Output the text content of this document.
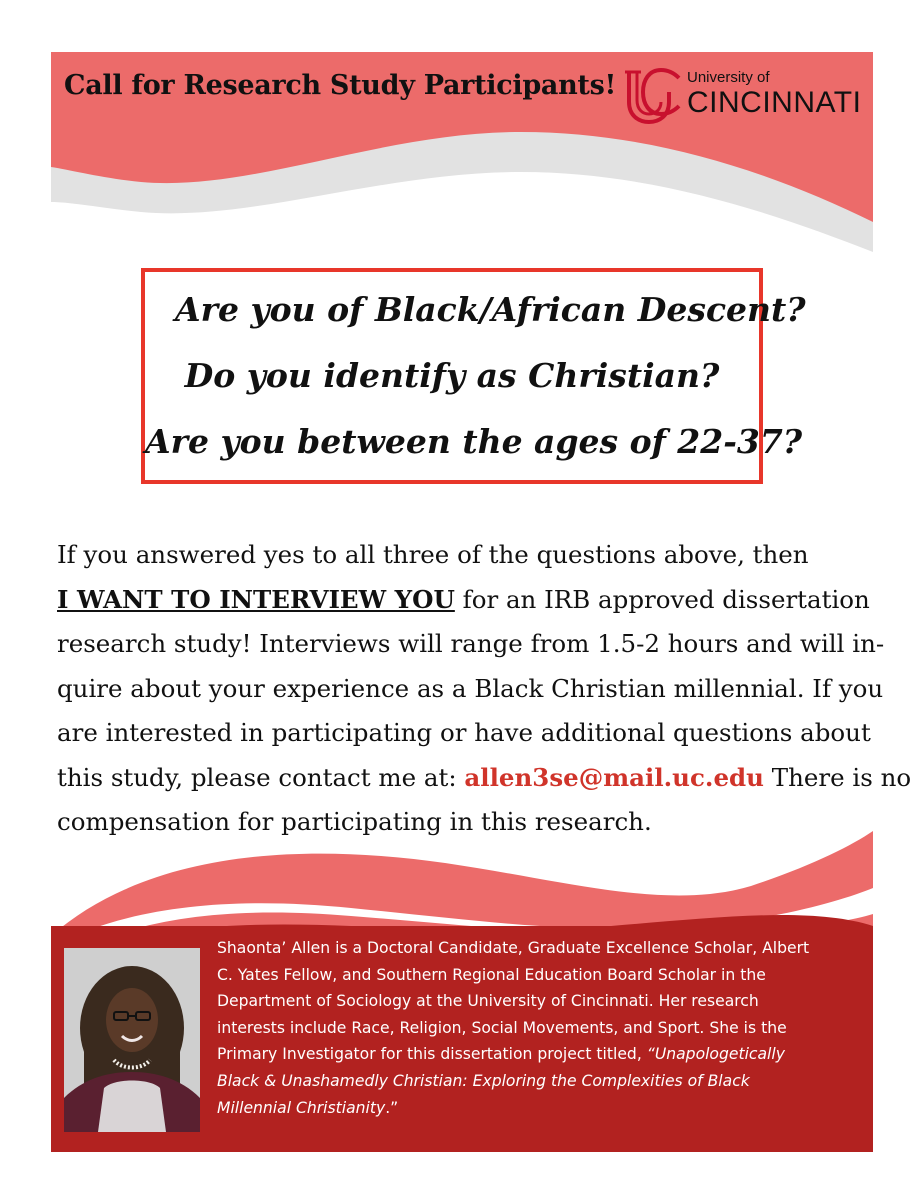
Call for Research Study Participants!	University of
CINCINNATI
Are you of Black/African Descent?
Do you identify as Christian?
Are you between the ages of 22-37?
If you answered yes to all three of the questions above, then
I WANT TO INTERVIEW YOU for an IRB approved dissertation
research study! Interviews will range from 1.5-2 hours and will in-
quire about your experience as a Black Christian millennial. If you
are interested in participating or have additional questions about
this study, please contact me at: allen3se@mail.uc.edu There is no
compensation for participating in this research.
Shaonta’ Allen is a Doctoral Candidate, Graduate Excellence Scholar, Albert
C. Yates Fellow, and Southern Regional Education Board Scholar in the
Department of Sociology at the University of Cincinnati. Her research
interests include Race, Religion, Social Movements, and Sport. She is the
Primary Investigator for this dissertation project titled, “Unapologetically
Black & Unashamedly Christian: Exploring the Complexities of Black
Millennial Christianity.”
